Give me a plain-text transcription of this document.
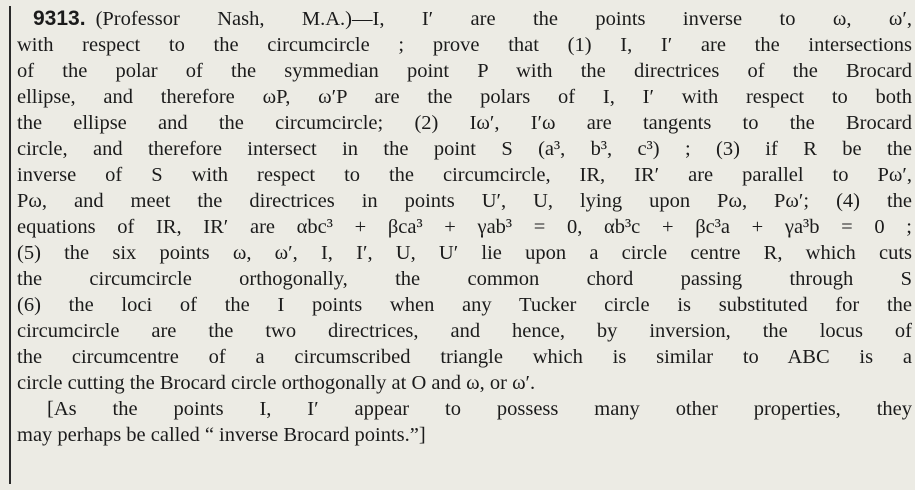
9313. (Professor Nash, M.A.)—I, I′ are the points inverse to ω, ω′,
with respect to the circumcircle ; prove that (1) I, I′ are the intersections
of the polar of the symmedian point P with the directrices of the Brocard
ellipse, and therefore ωP, ω′P are the polars of I, I′ with respect to both
the ellipse and the circumcircle; (2) Iω′, I′ω are tangents to the Brocard
circle, and therefore intersect in the point S (a³, b³, c³) ; (3) if R be the
inverse of S with respect to the circumcircle, IR, IR′ are parallel to Pω′,
Pω, and meet the directrices in points U′, U, lying upon Pω, Pω′; (4) the
equations of IR, IR′ are αbc³ + βca³ + γab³ = 0, αb³c + βc³a + γa³b = 0 ;
(5) the six points ω, ω′, I, I′, U, U′ lie upon a circle centre R, which cuts
the circumcircle orthogonally, the common chord passing through S
(6) the loci of the I points when any Tucker circle is substituted for the
circumcircle are the two directrices, and hence, by inversion, the locus of
the circumcentre of a circumscribed triangle which is similar to ABC is a
circle cutting the Brocard circle orthogonally at O and ω, or ω′.
[As the points I, I′ appear to possess many other properties, they
may perhaps be called “ inverse Brocard points.”]
